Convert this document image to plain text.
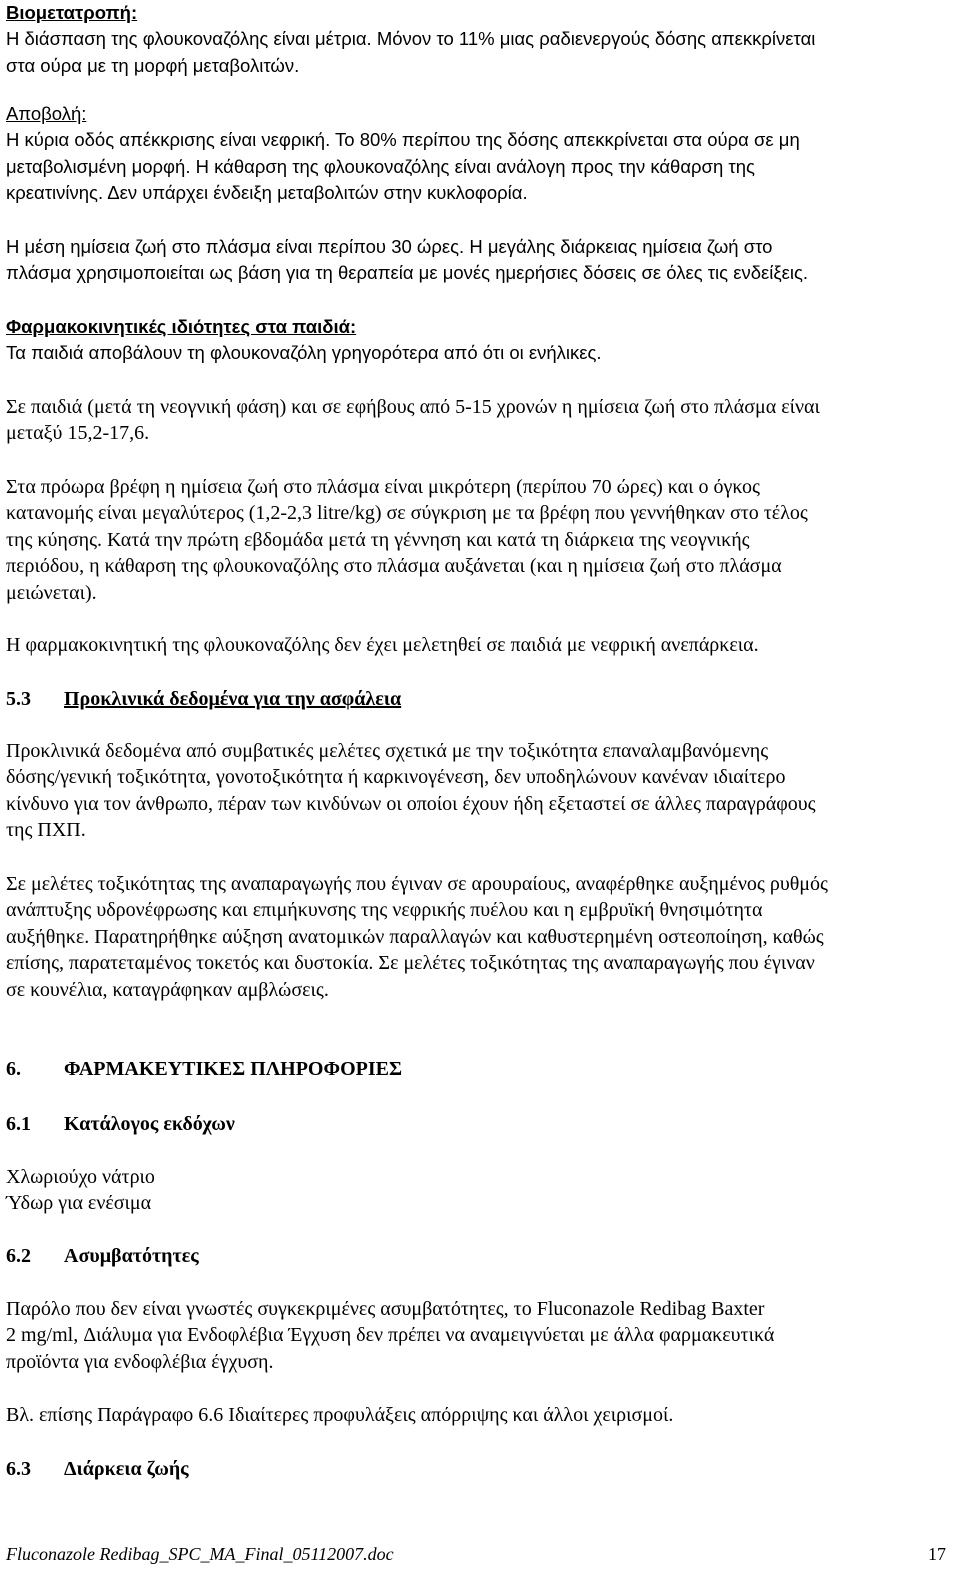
Βιομετατροπή:
Η διάσπαση της φλουκοναζόλης είναι μέτρια. Μόνον το 11% μιας ραδιενεργούς δόσης απεκκρίνεται
στα ούρα με τη μορφή μεταβολιτών.
Αποβολή:
Η κύρια οδός απέκκρισης είναι νεφρική. Το 80% περίπου της δόσης απεκκρίνεται στα ούρα σε μη
μεταβολισμένη μορφή. Η κάθαρση της φλουκοναζόλης είναι ανάλογη προς την κάθαρση της
κρεατινίνης. Δεν υπάρχει ένδειξη μεταβολιτών στην κυκλοφορία.
Η μέση ημίσεια ζωή στο πλάσμα είναι περίπου 30 ώρες. Η μεγάλης διάρκειας ημίσεια ζωή στο
πλάσμα χρησιμοποιείται ως βάση για τη θεραπεία με μονές ημερήσιες δόσεις σε όλες τις ενδείξεις.
Φαρμακοκινητικές ιδιότητες στα παιδιά:
Τα παιδιά αποβάλουν τη φλουκοναζόλη γρηγορότερα από ότι οι ενήλικες.
Σε παιδιά (μετά τη νεογνική φάση) και σε εφήβους από 5-15 χρονών η ημίσεια ζωή στο πλάσμα είναι
μεταξύ 15,2-17,6.
Στα πρόωρα βρέφη η ημίσεια ζωή στο πλάσμα είναι μικρότερη (περίπου 70 ώρες) και ο όγκος
κατανομής είναι μεγαλύτερος (1,2-2,3 litre/kg) σε σύγκριση με τα βρέφη που γεννήθηκαν στο τέλος
της κύησης. Κατά την πρώτη εβδομάδα μετά τη γέννηση και κατά τη διάρκεια της νεογνικής
περιόδου, η κάθαρση της φλουκοναζόλης στο πλάσμα αυξάνεται (και η ημίσεια ζωή στο πλάσμα
μειώνεται).
Η φαρμακοκινητική της φλουκοναζόλης δεν έχει μελετηθεί σε παιδιά με νεφρική ανεπάρκεια.
5.3 Προκλινικά δεδομένα για την ασφάλεια
Προκλινικά δεδομένα από συμβατικές μελέτες σχετικά με την τοξικότητα επαναλαμβανόμενης
δόσης/γενική τοξικότητα, γονοτοξικότητα ή καρκινογένεση, δεν υποδηλώνουν κανέναν ιδιαίτερο
κίνδυνο για τον άνθρωπο, πέραν των κινδύνων οι οποίοι έχουν ήδη εξεταστεί σε άλλες παραγράφους
της ΠΧΠ.
Σε μελέτες τοξικότητας της αναπαραγωγής που έγιναν σε αρουραίους, αναφέρθηκε αυξημένος ρυθμός
ανάπτυξης υδρονέφρωσης και επιμήκυνσης της νεφρικής πυέλου και η εμβρυϊκή θνησιμότητα
αυξήθηκε. Παρατηρήθηκε αύξηση ανατομικών παραλλαγών και καθυστερημένη οστεοποίηση, καθώς
επίσης, παρατεταμένος τοκετός και δυστοκία. Σε μελέτες τοξικότητας της αναπαραγωγής που έγιναν
σε κουνέλια, καταγράφηκαν αμβλώσεις.
6. ΦΑΡΜΑΚΕΥΤΙΚΕΣ ΠΛΗΡΟΦΟΡΙΕΣ
6.1 Κατάλογος εκδόχων
Χλωριούχο νάτριο
Ύδωρ για ενέσιμα
6.2 Ασυμβατότητες
Παρόλο που δεν είναι γνωστές συγκεκριμένες ασυμβατότητες, το Fluconazole Redibag Baxter
2 mg/ml, Διάλυμα για Ενδοφλέβια Έγχυση δεν πρέπει να αναμειγνύεται με άλλα φαρμακευτικά
προϊόντα για ενδοφλέβια έγχυση.
Βλ. επίσης Παράγραφο 6.6 Ιδιαίτερες προφυλάξεις απόρριψης και άλλοι χειρισμοί.
6.3 Διάρκεια ζωής
Fluconazole Redibag_SPC_MA_Final_05112007.doc	17
